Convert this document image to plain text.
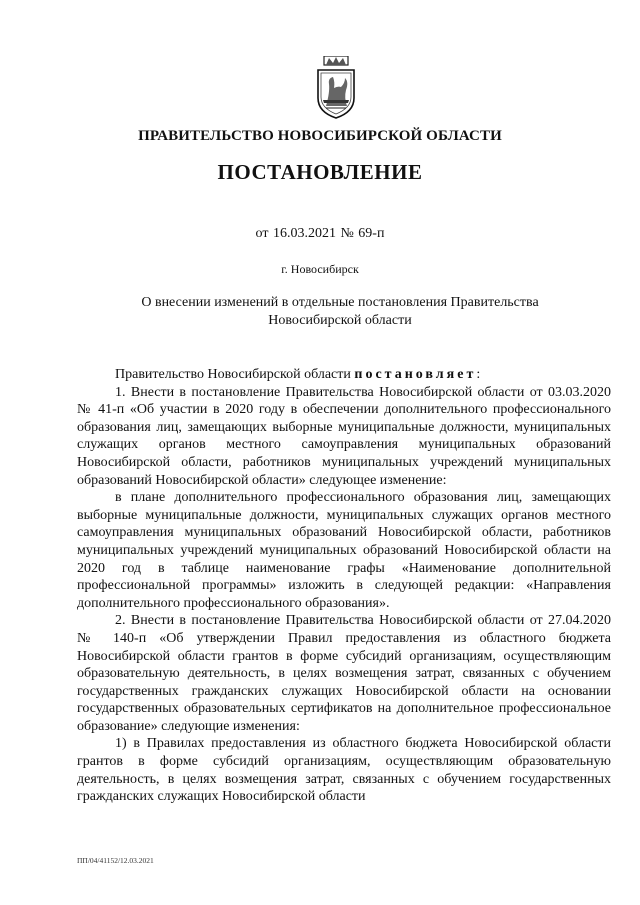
ПРАВИТЕЛЬСТВО НОВОСИБИРСКОЙ ОБЛАСТИ
ПОСТАНОВЛЕНИЕ
от 16.03.2021 № 69-п
г. Новосибирск
О внесении изменений в отдельные постановления Правительства Новосибирской области

Правительство Новосибирской области постановляет:

1. Внести в постановление Правительства Новосибирской области от 03.03.2020 № 41-п «Об участии в 2020 году в обеспечении дополнительного профессионального образования лиц, замещающих выборные муниципальные должности, муниципальных служащих органов местного самоуправления муниципальных образований Новосибирской области, работников муниципальных учреждений муниципальных образований Новосибирской области» следующее изменение:

в плане дополнительного профессионального образования лиц, замещающих выборные муниципальные должности, муниципальных служащих органов местного самоуправления муниципальных образований Новосибирской области, работников муниципальных учреждений муниципальных образований Новосибирской области на 2020 год в таблице наименование графы «Наименование дополнительной профессиональной программы» изложить в следующей редакции: «Направления дополнительного профессионального образования».

2. Внести в постановление Правительства Новосибирской области от 27.04.2020 № 140-п «Об утверждении Правил предоставления из областного бюджета Новосибирской области грантов в форме субсидий организациям, осуществляющим образовательную деятельность, в целях возмещения затрат, связанных с обучением государственных гражданских служащих Новосибирской области на основании государственных образовательных сертификатов на дополнительное профессиональное образование» следующие изменения:

1) в Правилах предоставления из областного бюджета Новосибирской области грантов в форме субсидий организациям, осуществляющим образовательную деятельность, в целях возмещения затрат, связанных с обучением государственных гражданских служащих Новосибирской области

ПП/04/41152/12.03.2021
